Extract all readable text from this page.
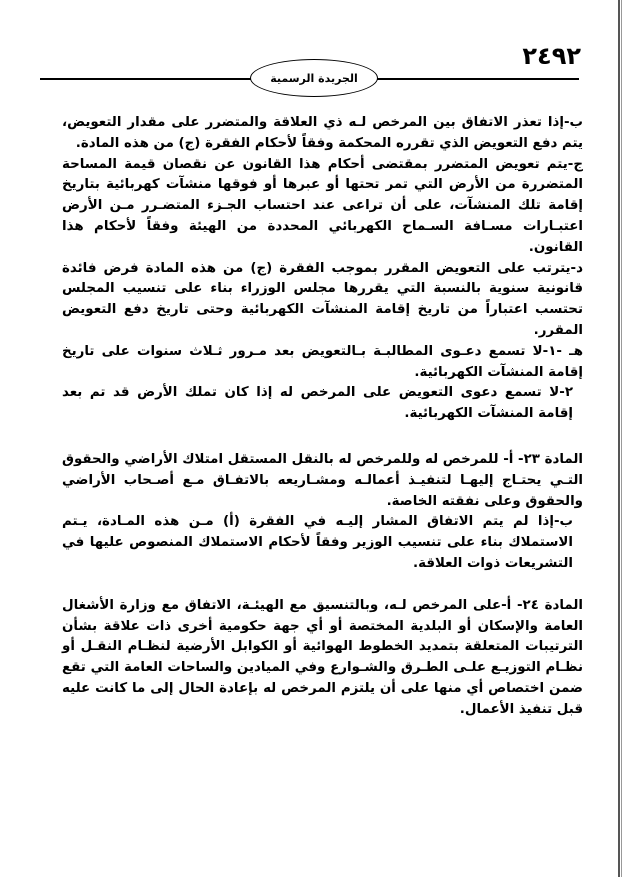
٢٤٩٢
الجريدة الرسمية

ب-إذا تعذر الاتفاق بين المرخص لـه ذي العلاقة والمتضرر على مقدار التعويض، يتم دفع التعويض الذي تقرره المحكمة وفقاً لأحكام الفقرة (ج) من هذه المادة.

ج-يتم تعويض المتضرر بمقتضى أحكام هذا القانون عن نقصان قيمة المساحة المتضررة من الأرض التي تمر تحتها أو عبرها أو فوقها منشآت كهربائية بتاريخ إقامة تلك المنشآت، على أن تراعى عند احتساب الجـزء المتضـرر مـن الأرض اعتبـارات مسـافة السـماح الكهربائي المحددة من الهيئة وفقاً لأحكام هذا القانون.

د-يترتب على التعويض المقرر بموجب الفقرة (ج) من هذه المادة فرض فائدة قانونية سنوية بالنسبة التي يقررها مجلس الوزراء بناء على تنسيب المجلس تحتسب اعتباراً من تاريخ إقامة المنشآت الكهربائية وحتى تاريخ دفع التعويض المقرر.

هـ -١-لا تسمع دعـوى المطالبـة بـالتعويض بعد مـرور ثـلاث سنوات على تاريخ إقامة المنشآت الكهربائية.

٢-لا تسمع دعوى التعويض على المرخص له إذا كان تملك الأرض قد تم بعد إقامة المنشآت الكهربائية.

المادة ٢٣- أ- للمرخص له وللمرخص له بالنقل المستقل امتلاك الأراضي والحقوق التـي يحتـاج إليهـا لتنفيـذ أعمالـه ومشـاريعه بالاتفـاق مـع أصـحاب الأراضي والحقوق وعلى نفقته الخاصة.

ب-إذا لم يتم الاتفاق المشار إليـه في الفقرة (أ) مـن هذه المـادة، يـتم الاستملاك بناء على تنسيب الوزير وفقاً لأحكام الاستملاك المنصوص عليها في التشريعات ذوات العلاقة.

المادة ٢٤- أ-على المرخص لـه، وبالتنسيق مع الهيئـة، الاتفاق مع وزارة الأشغال العامة والإسكان أو البلدية المختصة أو أي جهة حكومية أخرى ذات علاقة بشأن الترتيبات المتعلقة بتمديد الخطوط الهوائية أو الكوابل الأرضية لنظـام النقـل أو نظـام التوزيـع علـى الطـرق والشـوارع وفي الميادين والساحات العامة التي تقع ضمن اختصاص أي منها على أن يلتزم المرخص له بإعادة الحال إلى ما كانت عليه قبل تنفيذ الأعمال.
